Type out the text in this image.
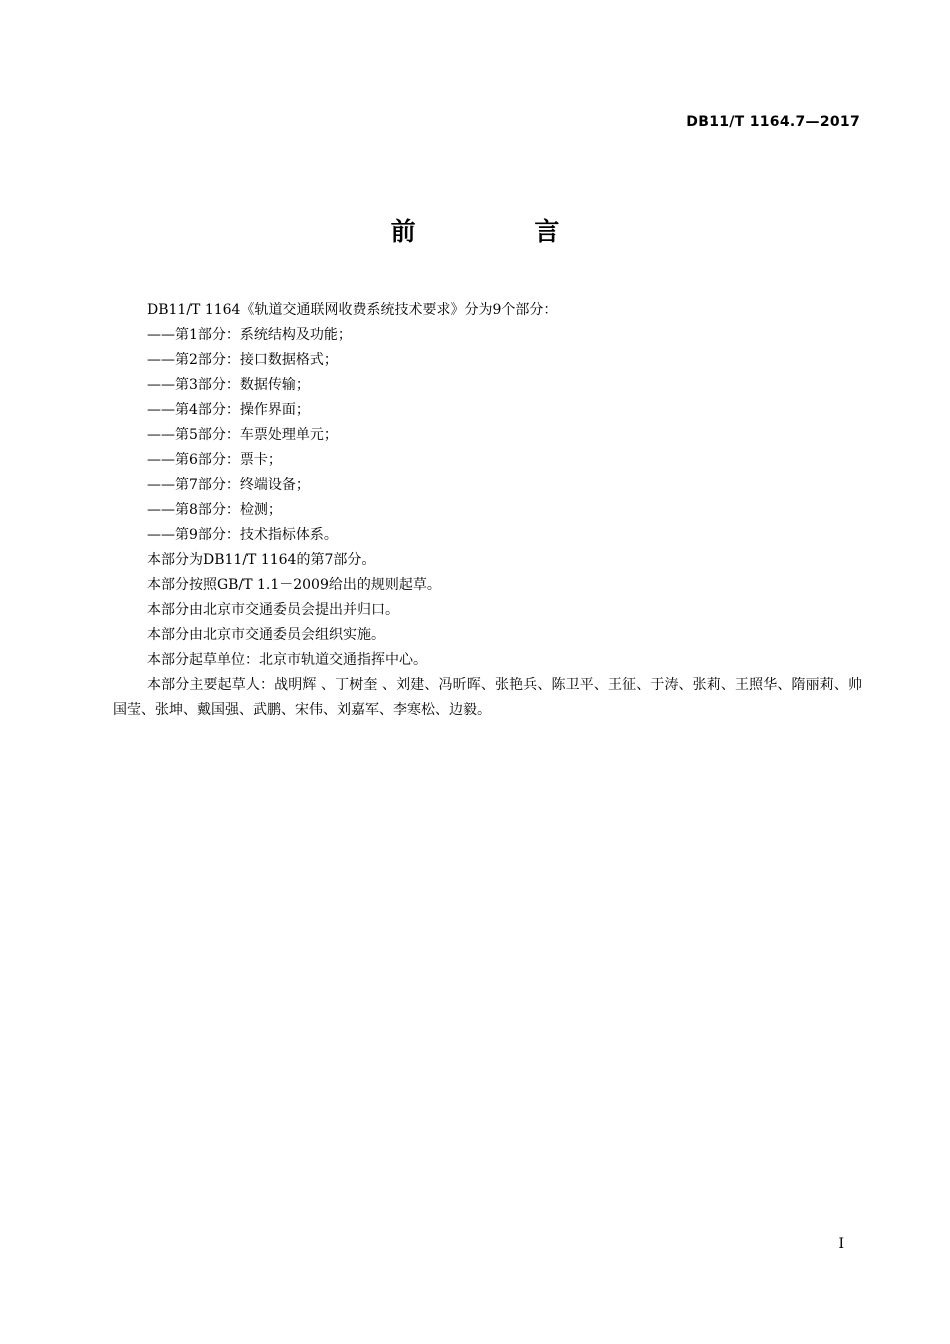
DB11/T 1164.7—2017
前 言

DB11/T 1164《轨道交通联网收费系统技术要求》分为9个部分：

——第1部分：系统结构及功能；

——第2部分：接口数据格式；

——第3部分：数据传输；

——第4部分：操作界面；

——第5部分：车票处理单元；

——第6部分：票卡；

——第7部分：终端设备；

——第8部分：检测；

——第9部分：技术指标体系。

本部分为DB11/T 1164的第7部分。

本部分按照GB/T 1.1－2009给出的规则起草。

本部分由北京市交通委员会提出并归口。

本部分由北京市交通委员会组织实施。

本部分起草单位：北京市轨道交通指挥中心。

本部分主要起草人：战明辉 、丁树奎 、刘建、冯昕晖、张艳兵、陈卫平、王征、于涛、张莉、王照华、隋丽莉、帅国莹、张坤、戴国强、武鹏、宋伟、刘嘉军、李寒松、边毅。

I
